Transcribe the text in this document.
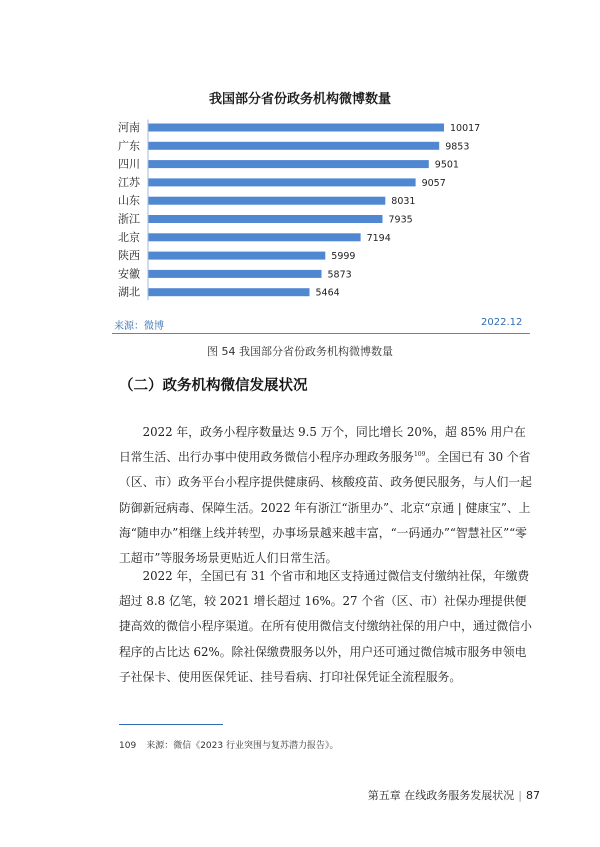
我国部分省份政务机构微博数量
河南
广东
四川
江苏
山东
浙江
北京
陕西
安徽
湖北
10017
9853
9501
9057
8031
7935
7194
5999
5873
5464
来源：微博	2022.12
图 54 我国部分省份政务机构微博数量
（二）政务机构微信发展状况

2022 年，政务小程序数量达 9.5 万个，同比增长 20%，超 85% 用户在日常生活、出行办事中使用政务微信小程序办理政务服务$^{109}$。全国已有 30 个省（区、市）政务平台小程序提供健康码、核酸疫苗、政务便民服务，与人们一起防御新冠病毒、保障生活。2022 年有浙江“浙里办”、北京“京通 | 健康宝”、上海“随申办”相继上线并转型，办事场景越来越丰富，“一码通办”“智慧社区”“零工超市”等服务场景更贴近人们日常生活。

2022 年，全国已有 31 个省市和地区支持通过微信支付缴纳社保，年缴费超过 8.8 亿笔，较 2021 增长超过 16%。27 个省（区、市）社保办理提供便捷高效的微信小程序渠道。在所有使用微信支付缴纳社保的用户中，通过微信小程序的占比达 62%。除社保缴费服务以外，用户还可通过微信城市服务申领电子社保卡、使用医保凭证、挂号看病、打印社保凭证全流程服务。

109 来源：微信《2023 行业突围与复苏潜力报告》。
第五章 在线政务服务发展状况 | 87
